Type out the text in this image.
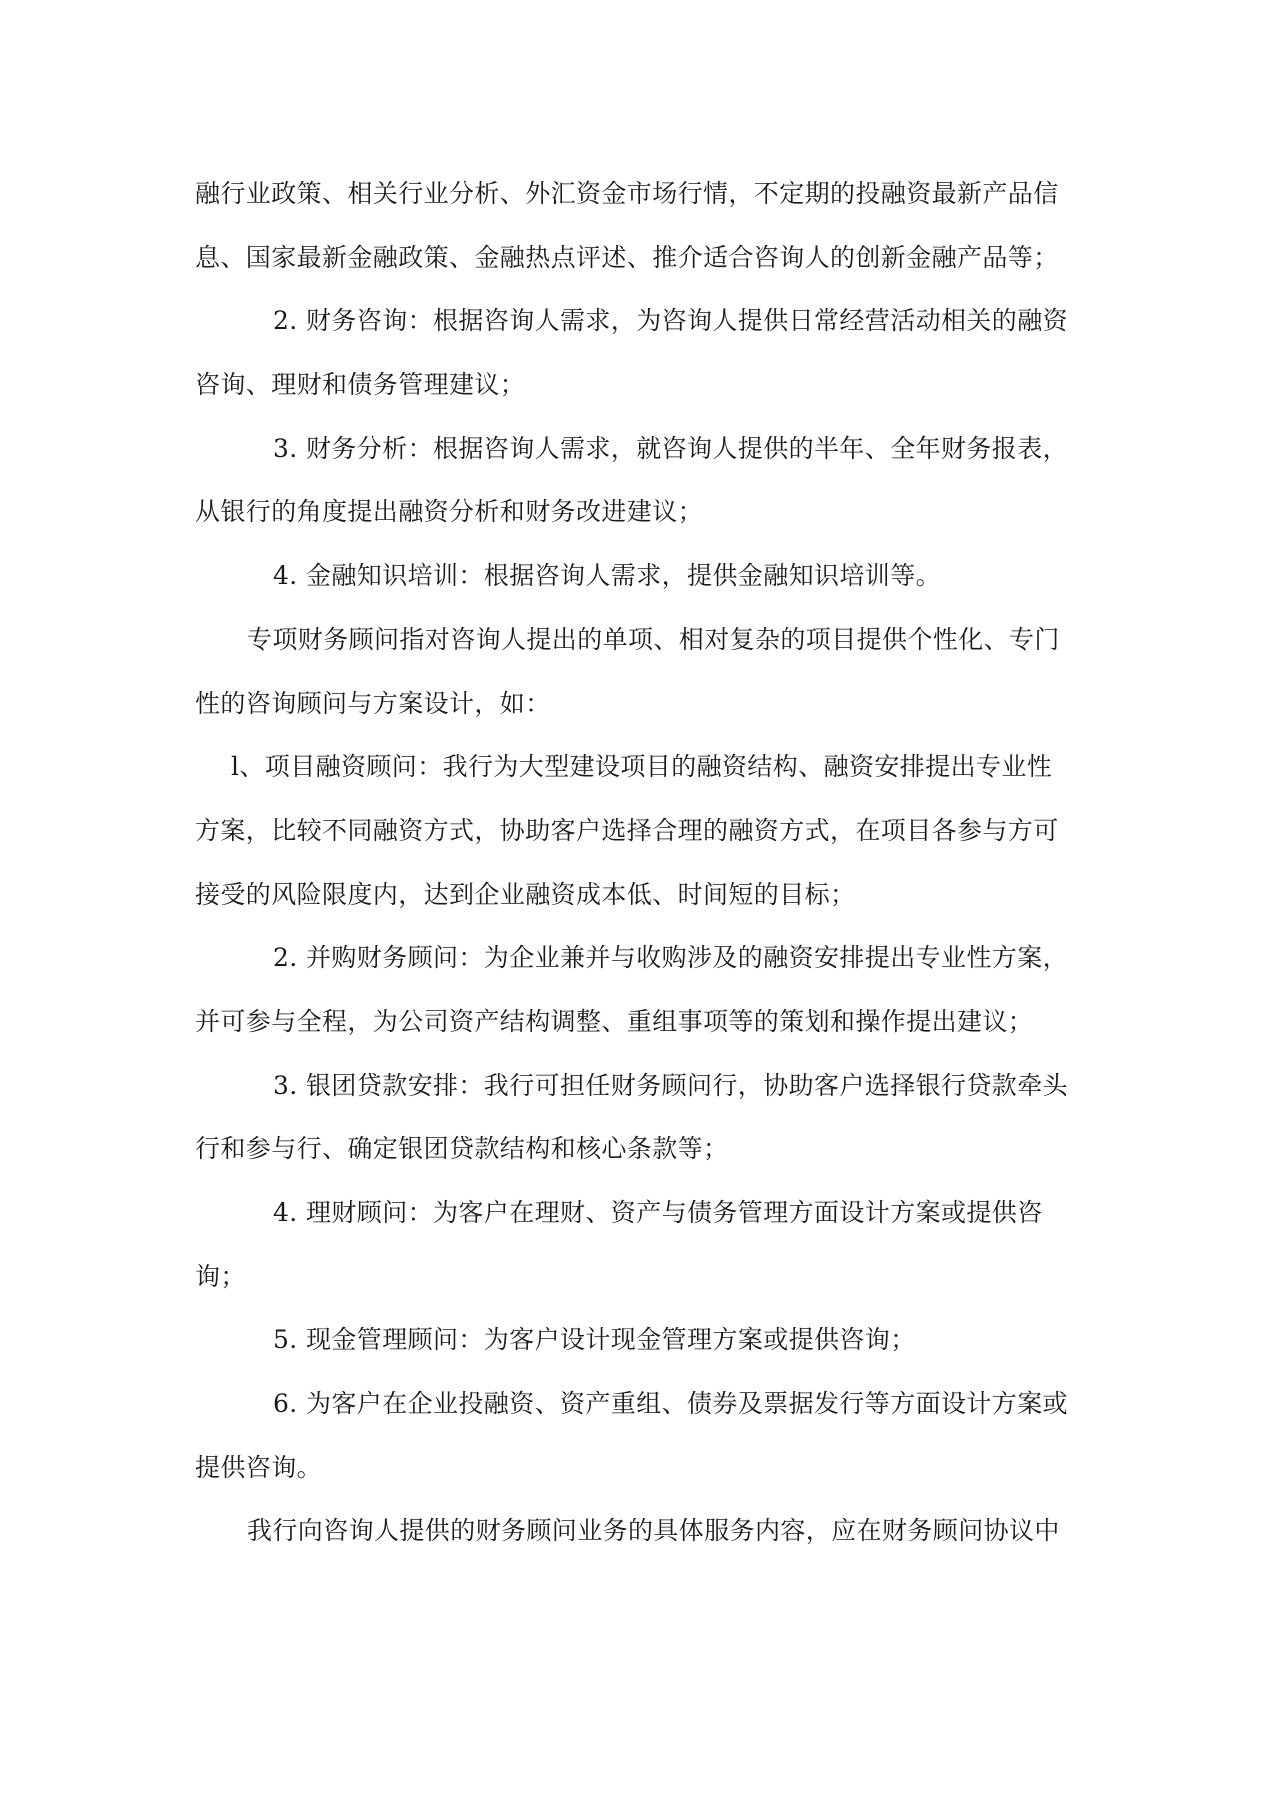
融行业政策、相关行业分析、外汇资金市场行情，不定期的投融资最新产品信
息、国家最新金融政策、金融热点评述、推介适合咨询人的创新金融产品等；

2. 财务咨询：根据咨询人需求，为咨询人提供日常经营活动相关的融资
咨询、理财和债务管理建议；

3. 财务分析：根据咨询人需求，就咨询人提供的半年、全年财务报表，
从银行的角度提出融资分析和财务改进建议；

4. 金融知识培训：根据咨询人需求，提供金融知识培训等。

专项财务顾问指对咨询人提出的单项、相对复杂的项目提供个性化、专门
性的咨询顾问与方案设计，如：

l、项目融资顾问：我行为大型建设项目的融资结构、融资安排提出专业性
方案，比较不同融资方式，协助客户选择合理的融资方式，在项目各参与方可
接受的风险限度内，达到企业融资成本低、时间短的目标；

2. 并购财务顾问：为企业兼并与收购涉及的融资安排提出专业性方案，
并可参与全程，为公司资产结构调整、重组事项等的策划和操作提出建议；

3. 银团贷款安排：我行可担任财务顾问行，协助客户选择银行贷款牵头
行和参与行、确定银团贷款结构和核心条款等；

4. 理财顾问：为客户在理财、资产与债务管理方面设计方案或提供咨
询；

5. 现金管理顾问：为客户设计现金管理方案或提供咨询；

6. 为客户在企业投融资、资产重组、债券及票据发行等方面设计方案或
提供咨询。

我行向咨询人提供的财务顾问业务的具体服务内容，应在财务顾问协议中
